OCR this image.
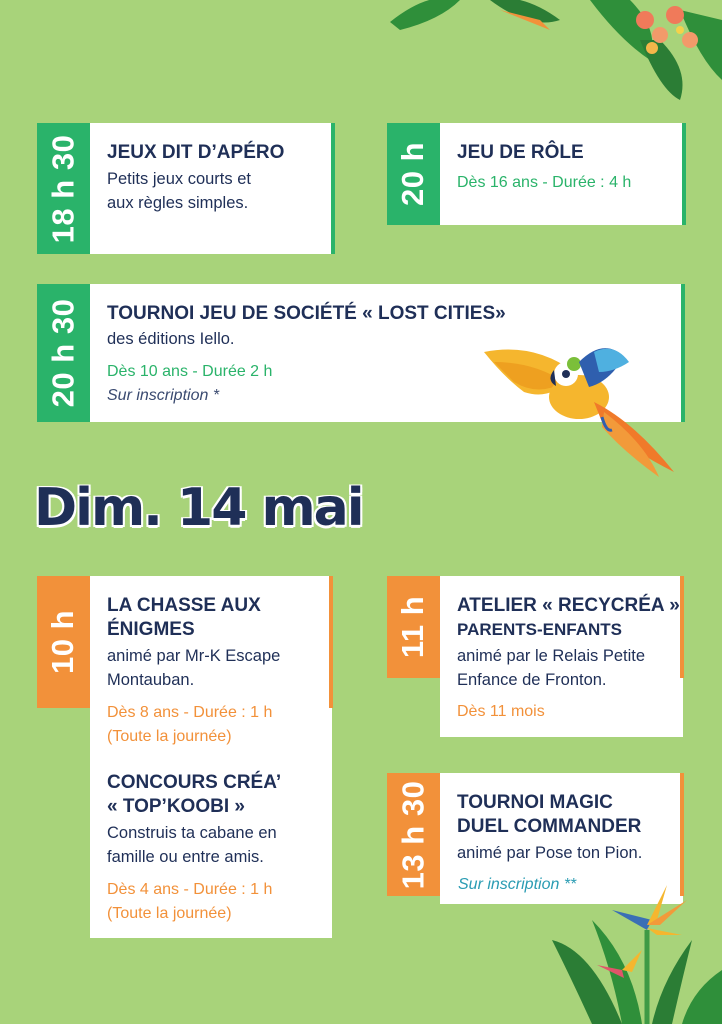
18 h 30 JEUX DIT D’APÉRO
Petits jeux courts et
aux règles simples.	20 h JEU DE RÔLE
Dès 16 ans - Durée : 4 h
20 h 30 TOURNOI JEU DE SOCIÉTÉ « LOST CITIES»
des éditions Iello.
Dès 10 ans - Durée 2 h
Sur inscription *
Dim. 14 mai
10 h
LA CHASSE AUX
ÉNIGMES
animé par Mr-K Escape
Montauban.
Dès 8 ans - Durée : 1 h
(Toute la journée)
CONCOURS CRÉA’
« TOP’KOOBI »
Construis ta cabane en
famille ou entre amis.
Dès 4 ans - Durée : 1 h
(Toute la journée)
11 h ATELIER « RECYCRÉA »
PARENTS-ENFANTS
animé par le Relais Petite
Enfance de Fronton.
Dès 11 mois
13 h 30 TOURNOI MAGIC
DUEL COMMANDER
animé par Pose ton Pion.
Sur inscription **
